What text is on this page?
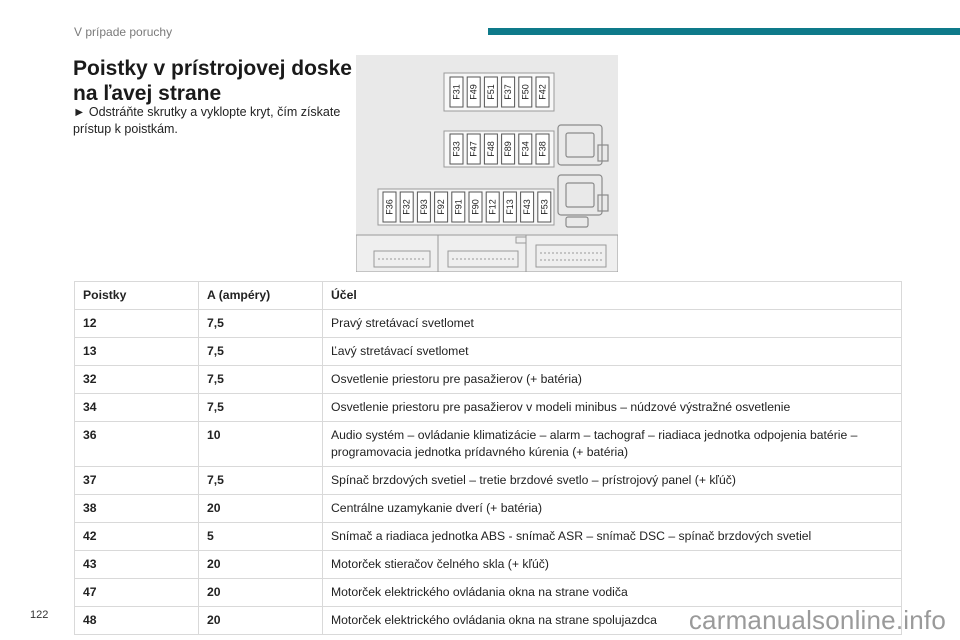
V prípade poruchy
Poistky v prístrojovej doske na ľavej strane
► Odstráňte skrutky a vyklopte kryt, čím získate prístup k poistkám.
F31 F49 F51 F37 F50 F42
F33 F47 F48 F89 F34 F38
F36 F32 F93 F92 F91 F90 F12 F13 F43 F53
Poistky	A (ampéry)	Účel
12	7,5	Pravý stretávací svetlomet
13	7,5	Ľavý stretávací svetlomet
32	7,5	Osvetlenie priestoru pre pasažierov (+ batéria)
34	7,5	Osvetlenie priestoru pre pasažierov v modeli minibus – núdzové výstražné osvetlenie
36	10	Audio systém – ovládanie klimatizácie – alarm – tachograf – riadiaca jednotka odpojenia batérie – programovacia jednotka prídavného kúrenia (+ batéria)
37	7,5	Spínač brzdových svetiel – tretie brzdové svetlo – prístrojový panel (+ kľúč)
38	20	Centrálne uzamykanie dverí (+ batéria)
42	5	Snímač a riadiaca jednotka ABS - snímač ASR – snímač DSC – spínač brzdových svetiel
43	20	Motorček stieračov čelného skla (+ kľúč)
47	20	Motorček elektrického ovládania okna na strane vodiča
48	20	Motorček elektrického ovládania okna na strane spolujazdca
122	carmanualsonline.info
